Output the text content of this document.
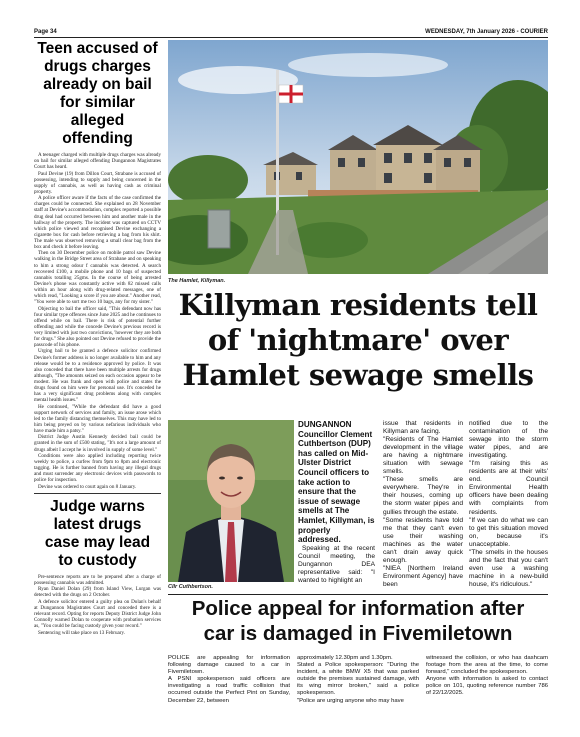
Page 34	WEDNESDAY, 7th January 2026 - COURIER
Teen accused of
drugs charges
already on bail
for similar
alleged
offending

A teenager charged with multiple drugs charges was already on bail for similar alleged offending Dungannon Magistrates Court has heard.

Paul Devine (19) from Dillon Court, Strabane is accused of possessing, intending to supply and being concerned in the supply of cannabis, as well as having cash as criminal property.

A police officer aware if the facts of the case confirmed the charges could be connected. She explained on 28 November staff at Devine's accommodation, complex reported a possible drug deal had occurred between him and another male in the hallway of the property. The incident was captured on CCTV which police viewed and recognised Devine exchanging a cigarette box for cash before retrieving a bag from his shirt. The male was observed removing a small clear bag from the box and check it before leaving.

Then on 30 December police on mobile patrol saw Devine walking in the Bridge Street area of Strabane and on speaking to him a strong odour f cannabis was detected. A search recovered £100, a mobile phone and 10 bags of suspected cannabis totalling 25gms. In the course of being arrested Devine's phone was constantly active with 82 missed calls within an hour along with drug-related messages, one of which read, "Looking a score if you are about." Another read, "You were able to sort me two 10 bags, any for my sister."

Objecting to bail the officer said, "This defendant now has four similar type offences since June 2025 and he continues to offend while on bail. There is risk of potential further offending and while the concede Devine's previous record is very limited with just two convictions, 'however they are both for drugs." She also pointed out Devine refused to provide the passcode of his phone.

Urging bail to be granted a defence solicitor confirmed Devine's former address is no longer available to him and any release would be to a residence approved by police. It was also conceded that there have been multiple arrests for drugs although, "The amounts seized on each occasion appear to be modest. He was frank and open with police and states the drugs found on him were for personal use. It's conceded he has a very significant drug problems along with complex mental health issues."

He continued, "While the defendant did have a good support network of services and family, an issue arose which led to the family distancing themselves. This may have led to him being preyed on by various nefarious individuals who have made him a patsy."

District Judge Austin Kennedy decided bail could be granted in the sum of £500 stating, "It's not a large amount of drugs albeit I accept he is involved in supply of some level."

Conditions were also applied including reporting twice weekly to police, a curfew from 9pm to 8pm and electronic tagging. He is further banned from having any illegal drugs and must surrender any electronic devices with passwords to police for inspection.

Devine was ordered to court again on 8 January.

Judge warns
latest drugs
case may lead
to custody

Pre-sentence reports are to be prepared after a charge of possessing cannabis was admitted.

Ryan Daniel Dolan (29) from Island View, Lurgan was detected with the drugs on 2 October.

A defence solicitor entered a guilty plea on Dolan's behalf at Dungannon Magistrates Court and conceded there is a relevant record. Opting for reports Deputy District Judge John Connolly warned Dolan to cooperate with probation services as, "You could be facing custody given your record."

Sentencing will take place on 13 February.

The Hamlet, Killyman.
Killyman residents tell
of 'nightmare' over
Hamlet sewage smells
Cllr Cuthbertson.

DUNGANNON Councillor Clement Cuthbertson (DUP) has called on Mid-Ulster District Council officers to take action to ensure that the issue of sewage smells at The Hamlet, Killyman, is properly addressed.

Speaking at the recent Council meeting, the Dungannon DEA representative said: "I wanted to highlight an

issue that residents in Killyman are facing.

"Residents of The Hamlet development in the village are having a nightmare situation with sewage smells.

"These smells are everywhere. They're in their houses, coming up the storm water pipes and gullies through the estate.

"Some residents have told me that they can't even use their washing machines as the water can't drain away quick enough.

"NIEA [Northern Ireland Environment Agency] have been

notified due to the contamination of the sewage into the storm water pipes, and are investigating.

"I'm raising this as residents are at their wits' end. Council Environmental Health officers have been dealing with complaints from residents.

"If we can do what we can to get this situation moved on, because it's unacceptable.

"The smells in the houses and the fact that you can't even use a washing machine in a new-build house, it's ridiculous."

Police appeal for information after
car is damaged in Fivemiletown

POLICE are appealing for information following damage caused to a car in Fivemiletown.
A PSNI spokesperson said officers are investigating a road traffic collision that occurred outside the Perfect Pint on Sunday, December 22, between

approximately 12.30pm and 1.30pm.
Stated a Police spokesperson: "During the incident, a white BMW X5 that was parked outside the premises sustained damage, with its wing mirror broken," said a police spokesperson.
"Police are urging anyone who may have

witnessed the collision, or who has dashcam footage from the area at the time, to come forward," concluded the spokesperson.
Anyone with information is asked to contact police on 101, quoting reference number 786 of 22/12/2025.
